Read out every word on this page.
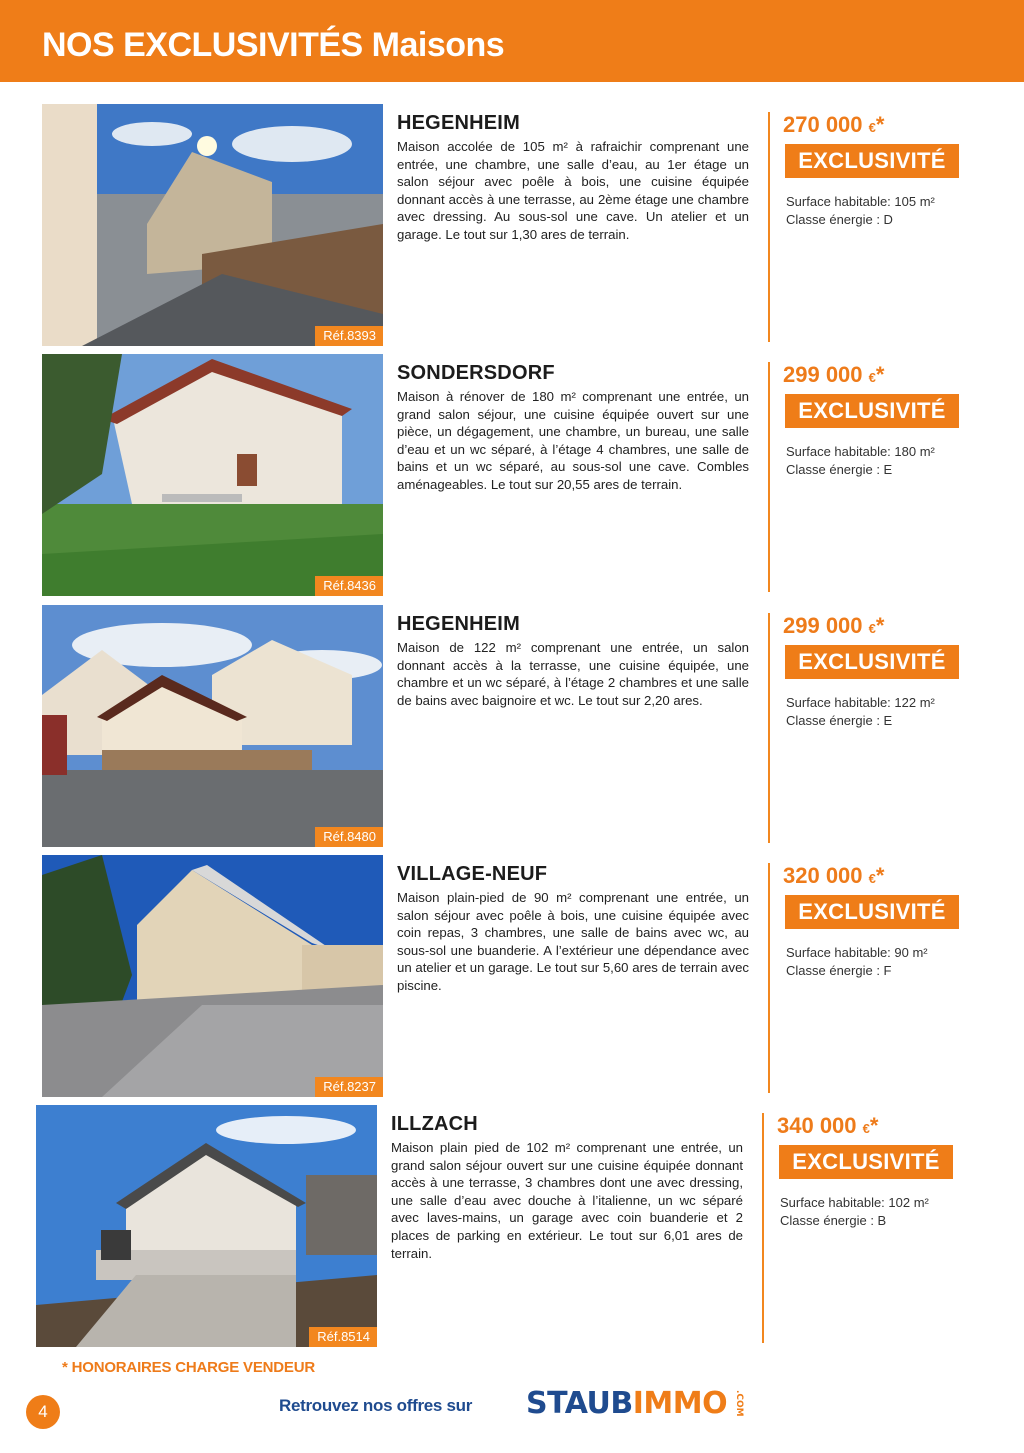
NOS EXCLUSIVITÉS Maisons
Réf.8393
HEGENHEIM
Maison accolée de 105 m² à rafraichir comprenant une entrée, une chambre, une salle d’eau, au 1er étage un salon séjour avec poêle à bois, une cuisine équipée donnant accès à une terrasse, au 2ème étage une chambre avec dressing. Au sous-sol une cave. Un atelier et un garage. Le tout sur 1,30 ares de terrain.
270 000 €*
EXCLUSIVITÉ
Surface habitable: 105 m²
Classe énergie : D
Réf.8436
SONDERSDORF
Maison à rénover de 180 m² comprenant une entrée, un grand salon séjour, une cuisine équipée ouvert sur une pièce, un dégagement, une chambre, un bureau, une salle d’eau et un wc séparé, à l’étage 4 chambres, une salle de bains et un wc séparé, au sous-sol une cave. Combles aménageables. Le tout sur 20,55 ares de terrain.
299 000 €*
EXCLUSIVITÉ
Surface habitable: 180 m²
Classe énergie : E
Réf.8480
HEGENHEIM
Maison de 122 m² comprenant une entrée, un salon donnant accès à la terrasse, une cuisine équipée, une chambre et un wc séparé, à l’étage 2 chambres et une salle de bains avec baignoire et wc. Le tout sur 2,20 ares.
299 000 €*
EXCLUSIVITÉ
Surface habitable: 122 m²
Classe énergie : E
Réf.8237
VILLAGE-NEUF
Maison plain-pied de 90 m² comprenant une entrée, un salon séjour avec poêle à bois, une cuisine équipée avec coin repas, 3 chambres, une salle de bains avec wc, au sous-sol une buanderie. A l’extérieur une dépendance avec un atelier et un garage. Le tout sur 5,60 ares de terrain avec piscine.
320 000 €*
EXCLUSIVITÉ
Surface habitable: 90 m²
Classe énergie : F
Réf.8514
ILLZACH
Maison plain pied de 102 m² comprenant une entrée, un grand salon séjour ouvert sur une cuisine équipée donnant accès à une terrasse, 3 chambres dont une avec dressing, une salle d’eau avec douche à l’italienne, un wc séparé avec laves-mains, un garage avec coin buanderie et 2 places de parking en extérieur. Le tout sur 6,01 ares de terrain.
340 000 €*
EXCLUSIVITÉ
Surface habitable: 102 m²
Classe énergie : B
* HONORAIRES CHARGE VENDEUR
4	Retrouvez nos offres sur STAUBIMMO .COM
